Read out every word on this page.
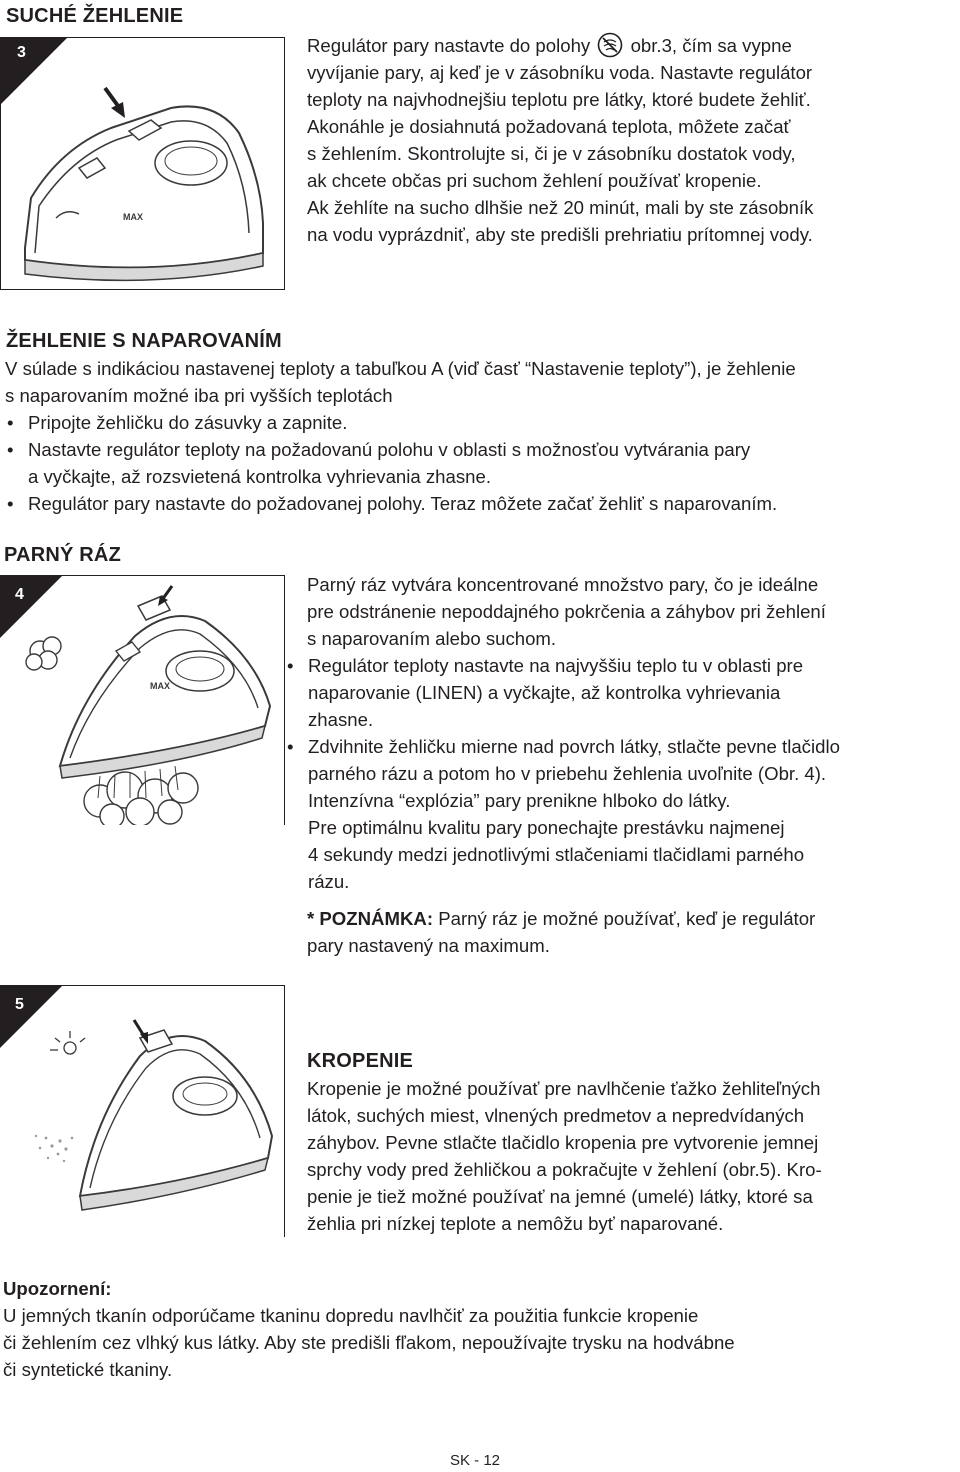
SUCHÉ ŽEHLENIE
3
MAX
Regulátor pary nastavte do polohy obr.3, čím sa vypne
vyvíjanie pary, aj keď je v zásobníku voda. Nastavte regulátor
teploty na najvhodnejšiu teplotu pre látky, ktoré budete žehliť.
Akonáhle je dosiahnutá požadovaná teplota, môžete začať
s žehlením. Skontrolujte si, či je v zásobníku dostatok vody,
ak chcete občas pri suchom žehlení používať kropenie.
Ak žehlíte na sucho dlhšie než 20 minút, mali by ste zásobník
na vodu vyprázdniť, aby ste predišli prehriatiu prítomnej vody.
ŽEHLENIE S NAPAROVANÍM
V súlade s indikáciou nastavenej teploty a tabuľkou A (viď časť “Nastavenie teploty”), je žehlenie
s naparovaním možné iba pri vyšších teplotách
• Pripojte žehličku do zásuvky a zapnite.
• Nastavte regulátor teploty na požadovanú polohu v oblasti s možnosťou vytvárania pary
a vyčkajte, až rozsvietená kontrolka vyhrievania zhasne.
• Regulátor pary nastavte do požadovanej polohy. Teraz môžete začať žehliť s naparovaním.
PARNÝ RÁZ
4
MAX
Parný ráz vytvára koncentrované množstvo pary, čo je ideálne
pre odstránenie nepoddajného pokrčenia a záhybov pri žehlení
s naparovaním alebo suchom.
• Regulátor teploty nastavte na najvyššiu teplo tu v oblasti pre
naparovanie (LINEN) a vyčkajte, až kontrolka vyhrievania
zhasne.
• Zdvihnite žehličku mierne nad povrch látky, stlačte pevne tlačidlo
parného rázu a potom ho v priebehu žehlenia uvoľnite (Obr. 4).
Intenzívna “explózia” pary prenikne hlboko do látky.
Pre optimálnu kvalitu pary ponechajte prestávku najmenej
4 sekundy medzi jednotlivými stlačeniami tlačidlami parného
rázu.
* POZNÁMKA: Parný ráz je možné používať, keď je regulátor
pary nastavený na maximum.
5
KROPENIE
Kropenie je možné používať pre navlhčenie ťažko žehliteľných
látok, suchých miest, vlnených predmetov a nepredvídaných
záhybov. Pevne stlačte tlačidlo kropenia pre vytvorenie jemnej
sprchy vody pred žehličkou a pokračujte v žehlení (obr.5). Kro-
penie je tiež možné používať na jemné (umelé) látky, ktoré sa
žehlia pri nízkej teplote a nemôžu byť naparované.
Upozornení:
U jemných tkanín odporúčame tkaninu dopredu navlhčiť za použitia funkcie kropenie
či žehlením cez vlhký kus látky. Aby ste predišli fľakom, nepoužívajte trysku na hodvábne
či syntetické tkaniny.
SK - 12
